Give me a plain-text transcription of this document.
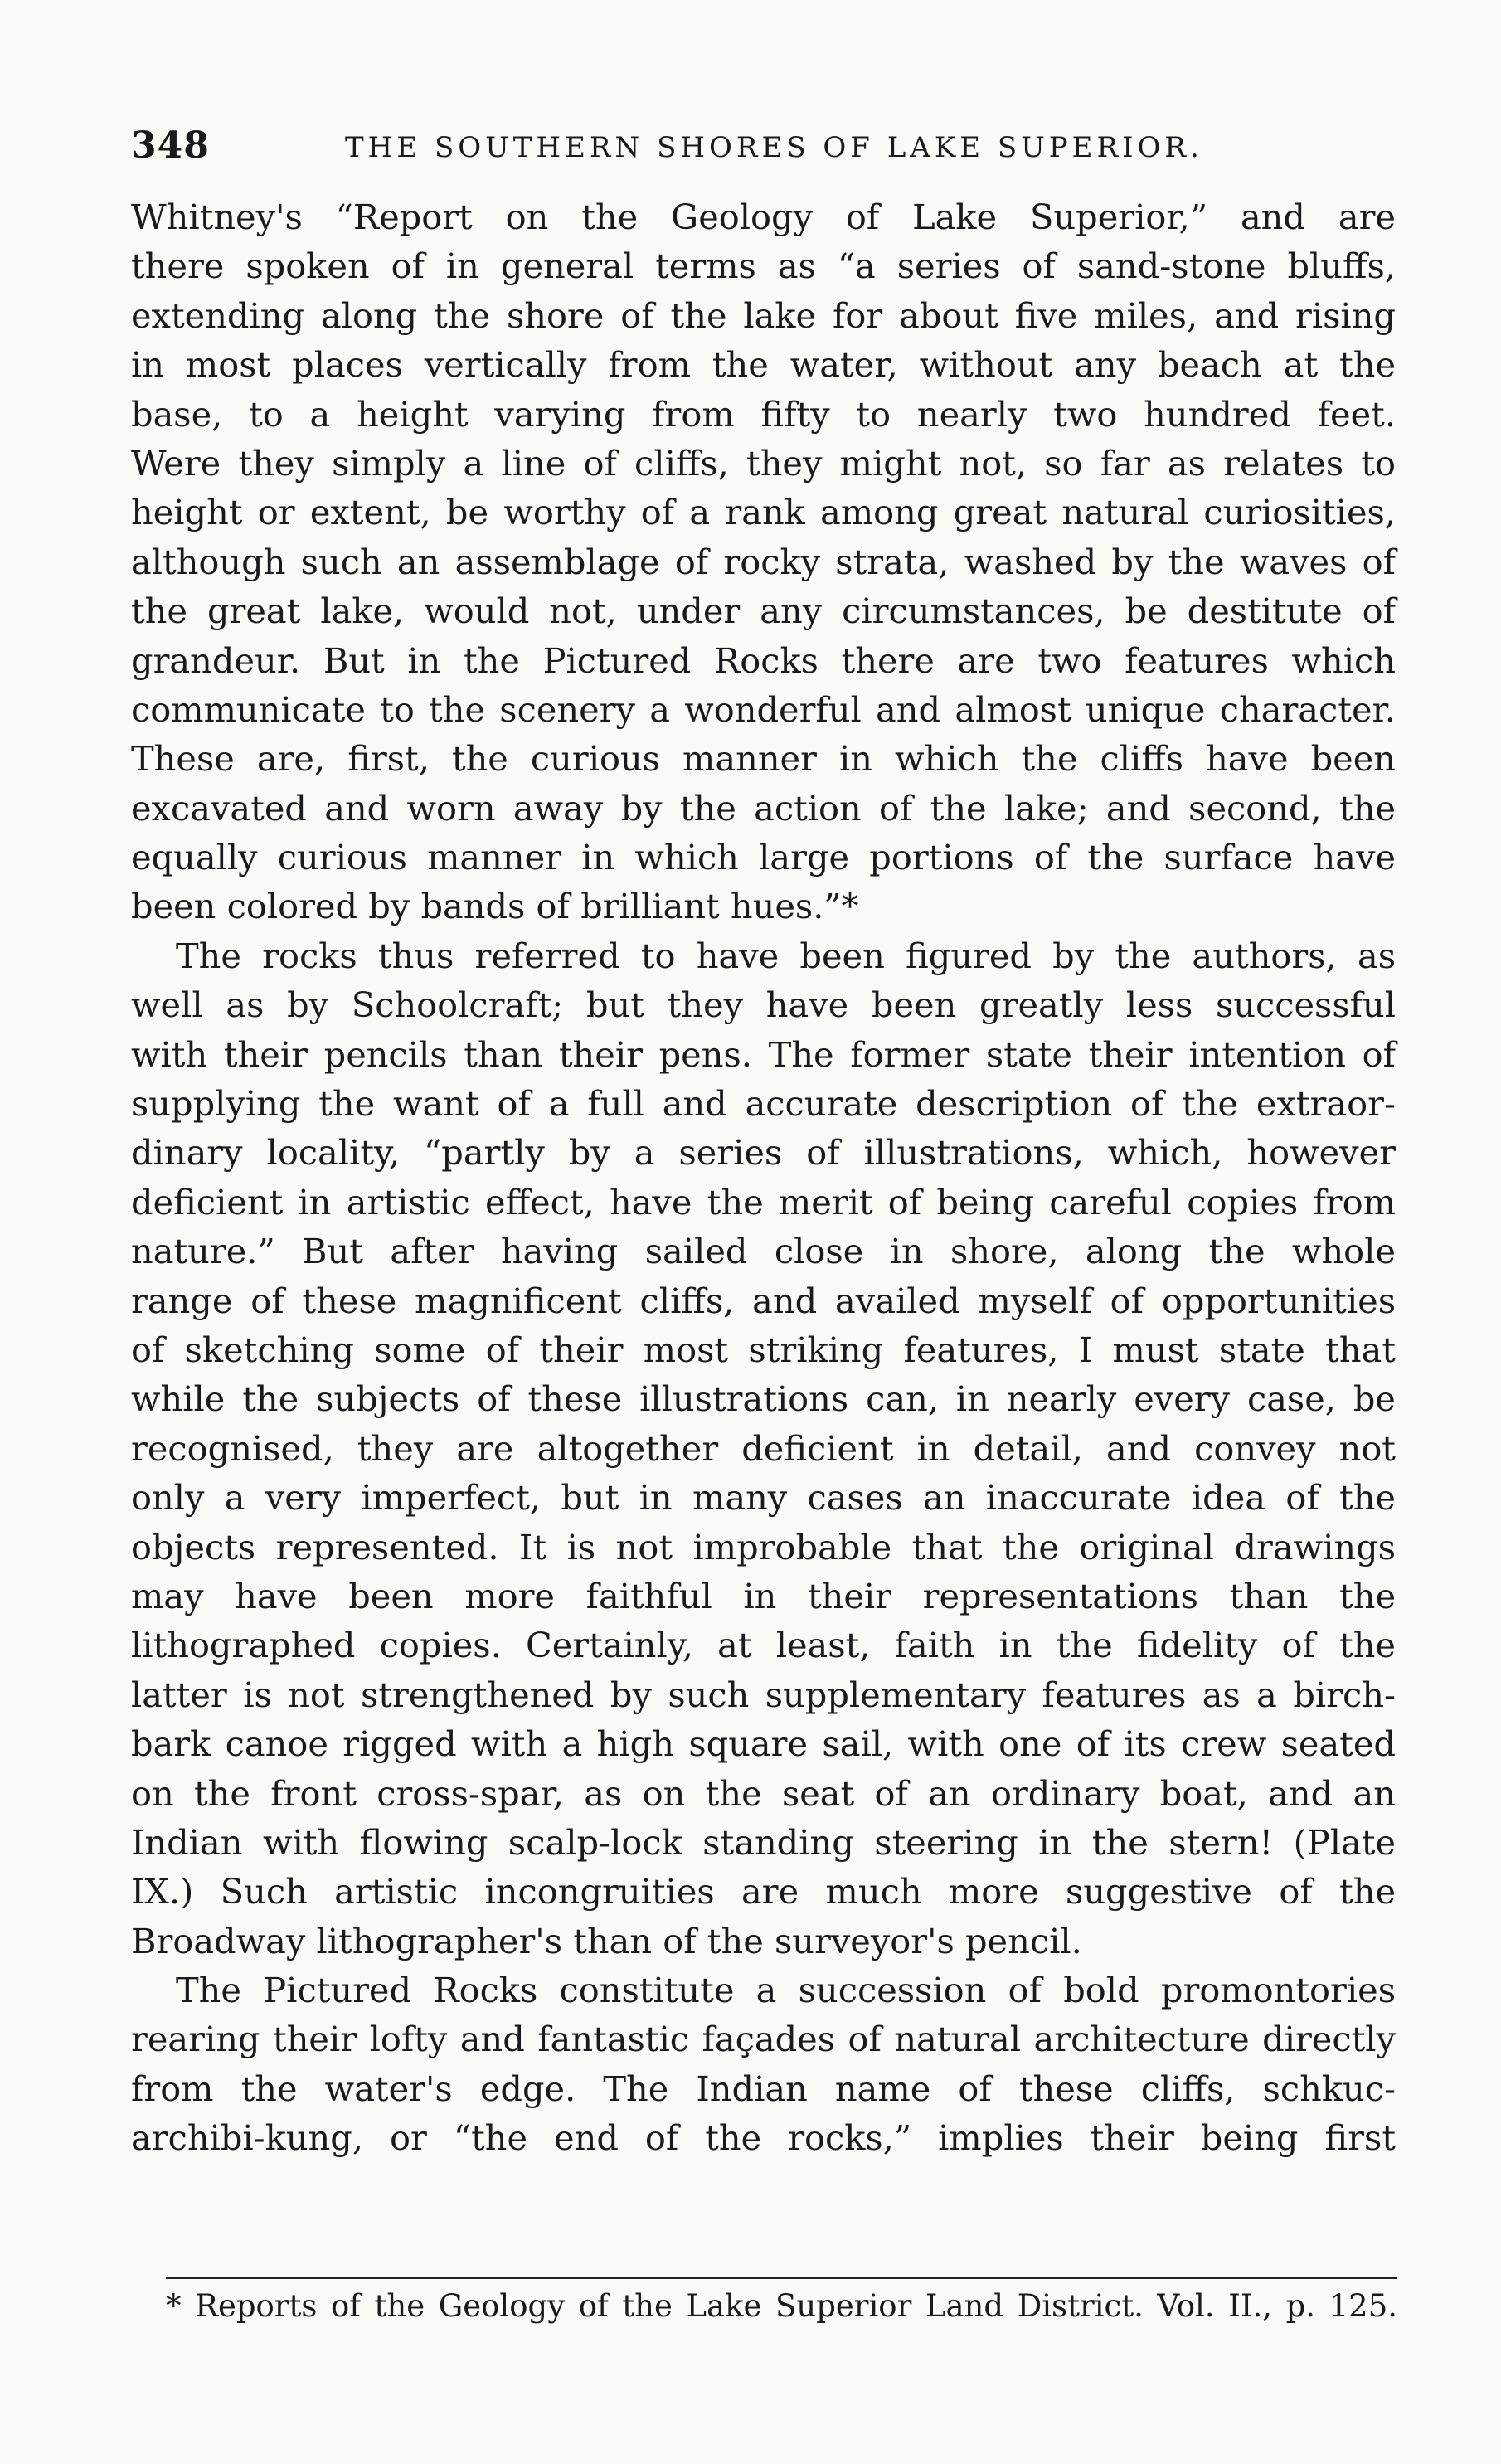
348	THE SOUTHERN SHORES OF LAKE SUPERIOR.
Whitney's “Report on the Geology of Lake Superior,” and are
there spoken of in general terms as “a series of sand-stone bluffs,
extending along the shore of the lake for about five miles, and rising
in most places vertically from the water, without any beach at the
base, to a height varying from fifty to nearly two hundred feet.
Were they simply a line of cliffs, they might not, so far as relates to
height or extent, be worthy of a rank among great natural curiosities,
although such an assemblage of rocky strata, washed by the waves of
the great lake, would not, under any circumstances, be destitute of
grandeur. But in the Pictured Rocks there are two features which
communicate to the scenery a wonderful and almost unique character.
These are, first, the curious manner in which the cliffs have been
excavated and worn away by the action of the lake; and second, the
equally curious manner in which large portions of the surface have
been colored by bands of brilliant hues.”*
The rocks thus referred to have been figured by the authors, as
well as by Schoolcraft; but they have been greatly less successful
with their pencils than their pens. The former state their intention of
supplying the want of a full and accurate description of the extraor-
dinary locality, “partly by a series of illustrations, which, however
deficient in artistic effect, have the merit of being careful copies from
nature.” But after having sailed close in shore, along the whole
range of these magnificent cliffs, and availed myself of opportunities
of sketching some of their most striking features, I must state that
while the subjects of these illustrations can, in nearly every case, be
recognised, they are altogether deficient in detail, and convey not
only a very imperfect, but in many cases an inaccurate idea of the
objects represented. It is not improbable that the original drawings
may have been more faithful in their representations than the
lithographed copies. Certainly, at least, faith in the fidelity of the
latter is not strengthened by such supplementary features as a birch-
bark canoe rigged with a high square sail, with one of its crew seated
on the front cross-spar, as on the seat of an ordinary boat, and an
Indian with flowing scalp-lock standing steering in the stern! (Plate
IX.) Such artistic incongruities are much more suggestive of the
Broadway lithographer's than of the surveyor's pencil.
The Pictured Rocks constitute a succession of bold promontories
rearing their lofty and fantastic façades of natural architecture directly
from the water's edge. The Indian name of these cliffs, schkuc-
archibi-kung, or “the end of the rocks,” implies their being first
* Reports of the Geology of the Lake Superior Land District. Vol. II., p. 125.
